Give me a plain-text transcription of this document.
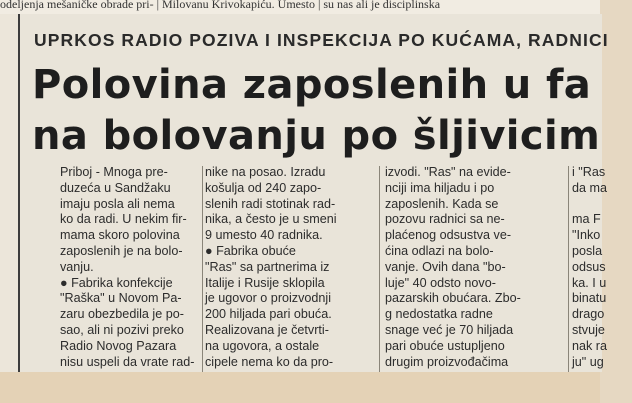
odeljenja mešaničke obrade pri- | Milovanu Krivokapiću. Umesto | su nas ali je disciplinska
UPRKOS RADIO POZIVA I INSPEKCIJA PO KUĆAMA, RADNICI
Polovina zaposlenih u fa
na bolovanju po šljivicim

Priboj - Mnoga pre-

duzeća u Sandžaku

imaju posla ali nema

ko da radi. U nekim fir-

mama skoro polovina

zaposlenih je na bolo-

vanju.

● Fabrika konfekcije

"Raška" u Novom Pa-

zaru obezbedila je po-

sao, ali ni pozivi preko

Radio Novog Pazara

nisu uspeli da vrate rad-

nike na posao. Izradu

košulja od 240 zapo-

slenih radi stotinak rad-

nika, a često je u smeni

9 umesto 40 radnika.

● Fabrika obuće

"Ras" sa partnerima iz

Italije i Rusije sklopila

je ugovor o proizvodnji

200 hiljada pari obuća.

Realizovana je četvrti-

na ugovora, a ostale

cipele nema ko da pro-

izvodi. "Ras" na evide-

nciji ima hiljadu i po

zaposlenih. Kada se

pozovu radnici sa ne-

plaćenog odsustva ve-

ćina odlazi na bolo-

vanje. Ovih dana "bo-

luje" 40 odsto novo-

pazarskih obućara. Zbo-

g nedostatka radne

snage već je 70 hiljada

pari obuće ustupljeno

drugim proizvođačima

i "Ras

da ma

ma F

"Inko

posla

odsus

ka. I u

binatu

drago

stvuje

nak ra

ju" ug
